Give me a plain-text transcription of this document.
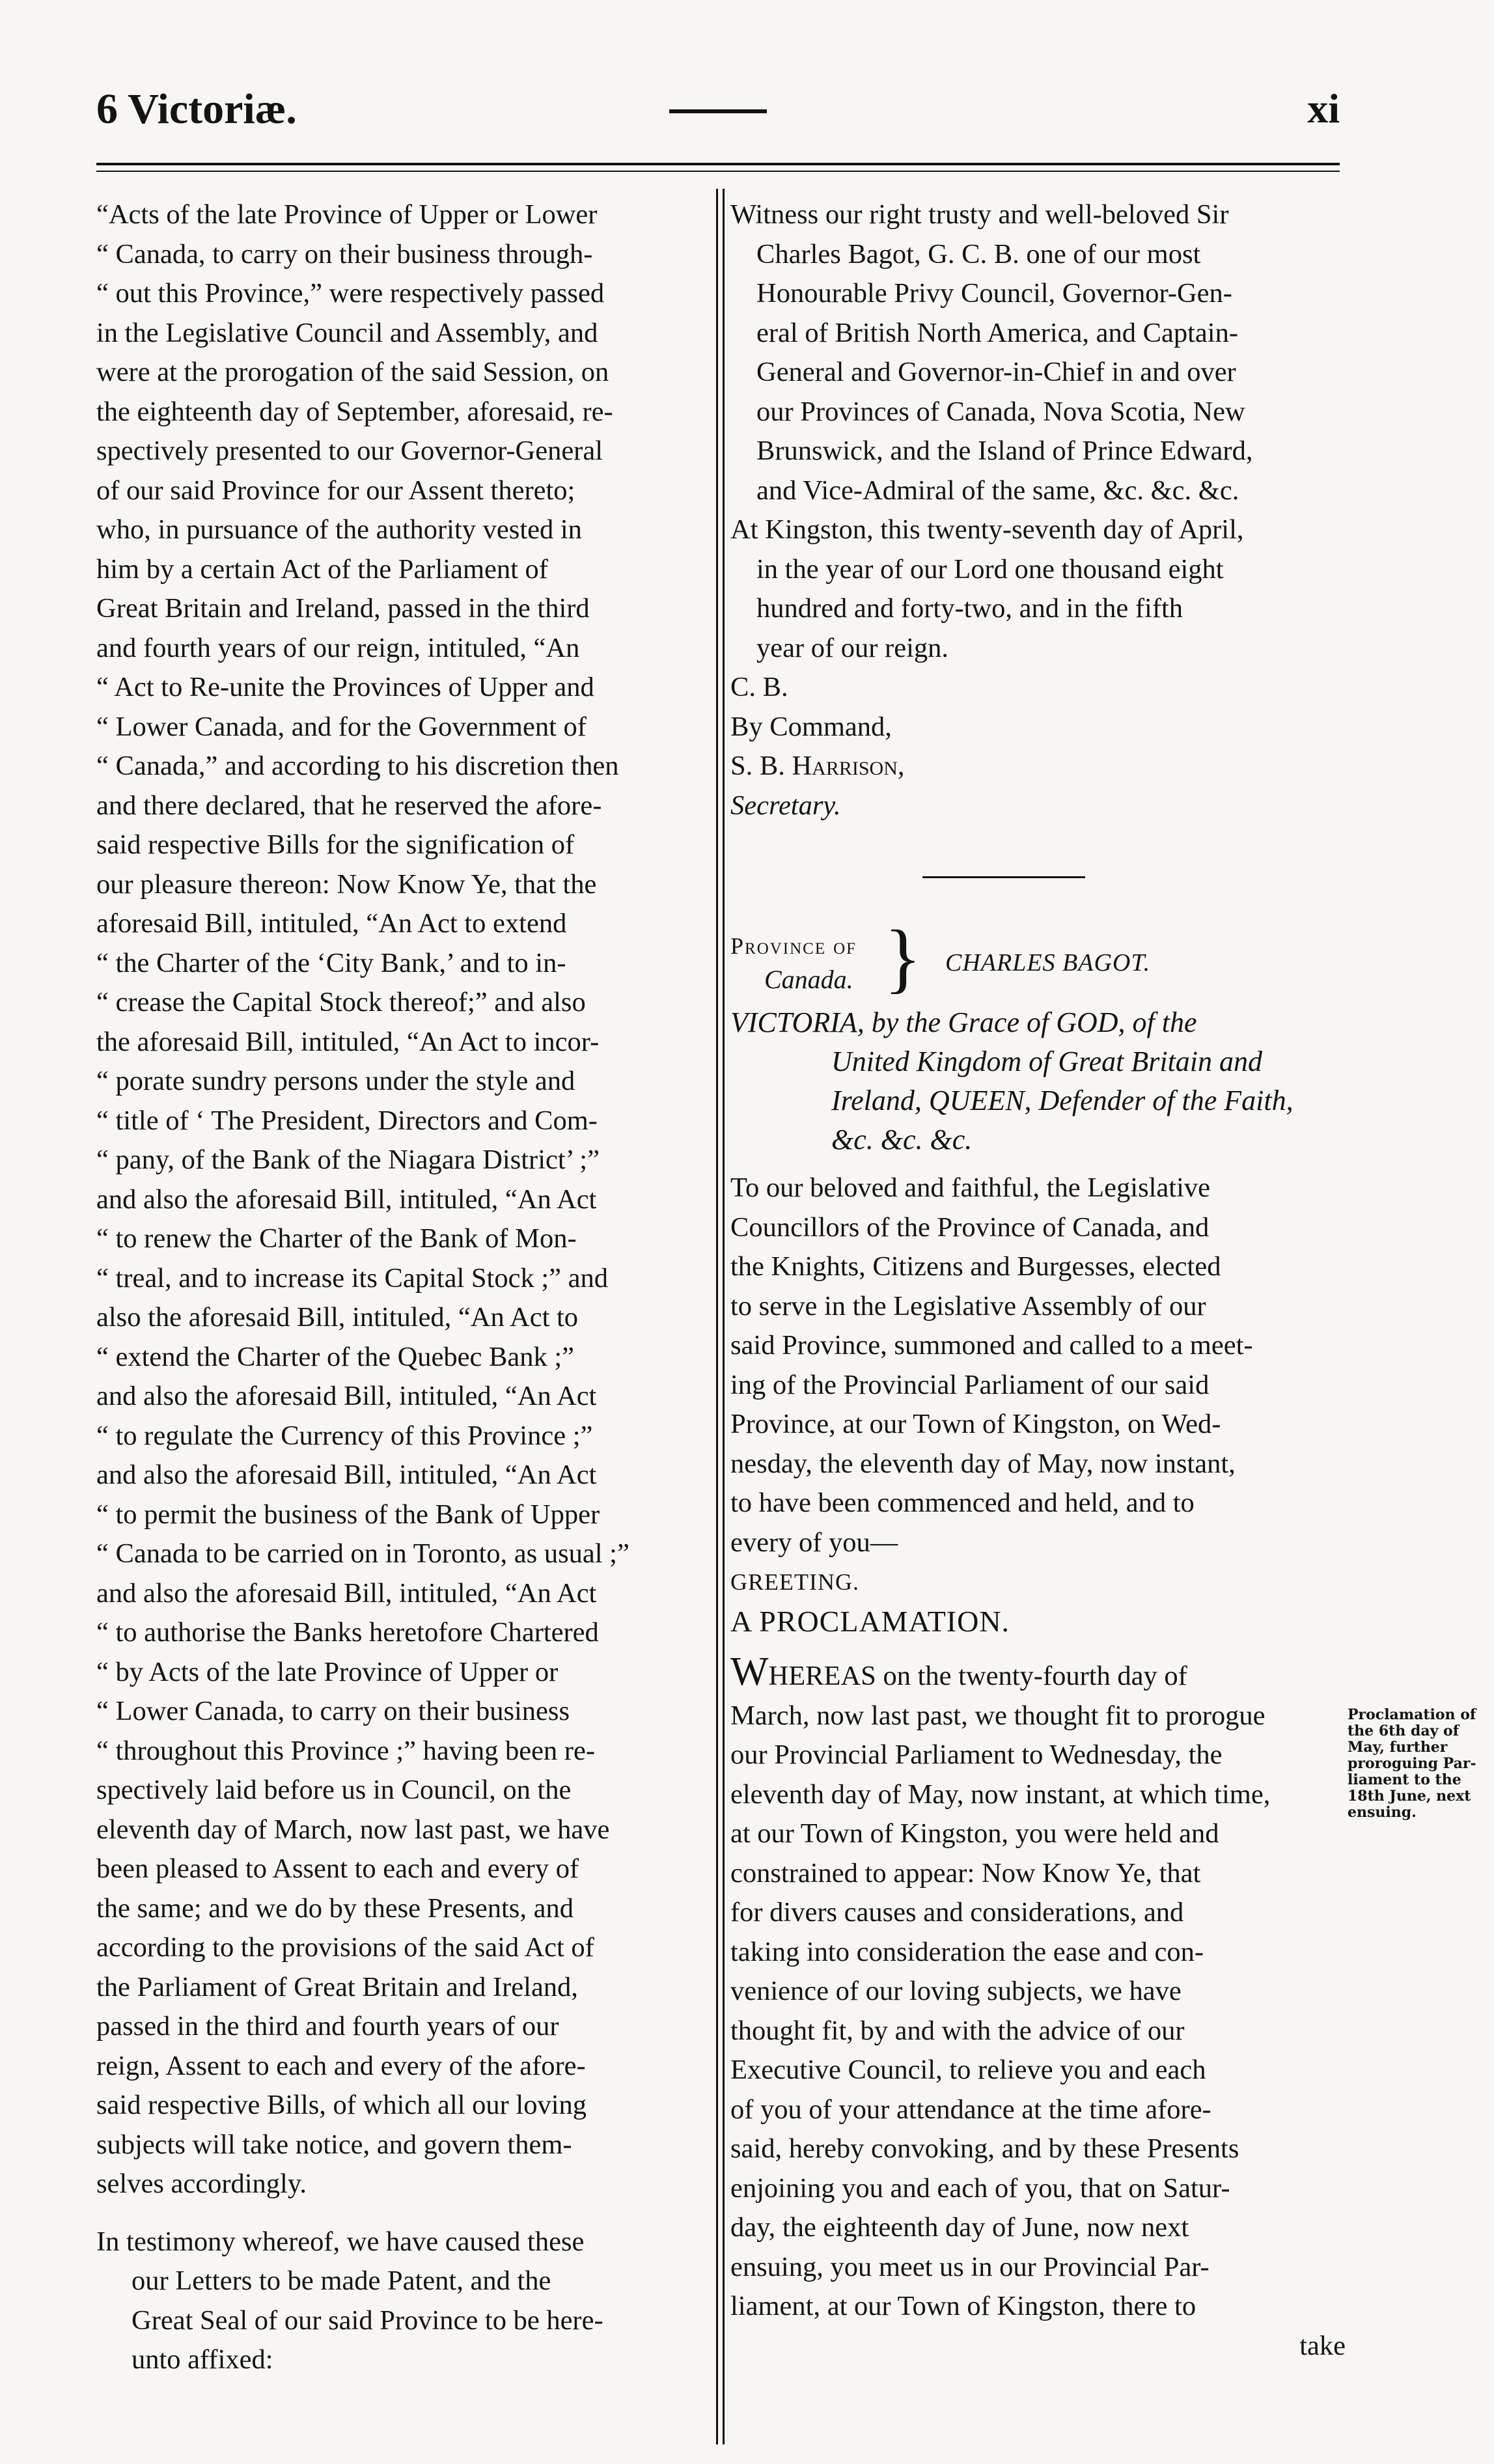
6 Victoriæ.	xi
“Acts of the late Province of Upper or Lower
“ Canada, to carry on their business through-
“ out this Province,” were respectively passed
in the Legislative Council and Assembly, and
were at the prorogation of the said Session, on
the eighteenth day of September, aforesaid, re-
spectively presented to our Governor-General
of our said Province for our Assent thereto;
who, in pursuance of the authority vested in
him by a certain Act of the Parliament of
Great Britain and Ireland, passed in the third
and fourth years of our reign, intituled, “An
“ Act to Re-unite the Provinces of Upper and
“ Lower Canada, and for the Government of
“ Canada,” and according to his discretion then
and there declared, that he reserved the afore-
said respective Bills for the signification of
our pleasure thereon: Now Know Ye, that the
aforesaid Bill, intituled, “An Act to extend
“ the Charter of the ‘City Bank,’ and to in-
“ crease the Capital Stock thereof;” and also
the aforesaid Bill, intituled, “An Act to incor-
“ porate sundry persons under the style and
“ title of ‘ The President, Directors and Com-
“ pany, of the Bank of the Niagara District’ ;”
and also the aforesaid Bill, intituled, “An Act
“ to renew the Charter of the Bank of Mon-
“ treal, and to increase its Capital Stock ;” and
also the aforesaid Bill, intituled, “An Act to
“ extend the Charter of the Quebec Bank ;”
and also the aforesaid Bill, intituled, “An Act
“ to regulate the Currency of this Province ;”
and also the aforesaid Bill, intituled, “An Act
“ to permit the business of the Bank of Upper
“ Canada to be carried on in Toronto, as usual ;”
and also the aforesaid Bill, intituled, “An Act
“ to authorise the Banks heretofore Chartered
“ by Acts of the late Province of Upper or
“ Lower Canada, to carry on their business
“ throughout this Province ;” having been re-
spectively laid before us in Council, on the
eleventh day of March, now last past, we have
been pleased to Assent to each and every of
the same; and we do by these Presents, and
according to the provisions of the said Act of
the Parliament of Great Britain and Ireland,
passed in the third and fourth years of our
reign, Assent to each and every of the afore-
said respective Bills, of which all our loving
subjects will take notice, and govern them-
selves accordingly.
In testimony whereof, we have caused these
our Letters to be made Patent, and the
Great Seal of our said Province to be here-
unto affixed:
Witness our right trusty and well-beloved Sir
Charles Bagot, G. C. B. one of our most
Honourable Privy Council, Governor-Gen-
eral of British North America, and Captain-
General and Governor-in-Chief in and over
our Provinces of Canada, Nova Scotia, New
Brunswick, and the Island of Prince Edward,
and Vice-Admiral of the same, &c. &c. &c.
At Kingston, this twenty-seventh day of April,
in the year of our Lord one thousand eight
hundred and forty-two, and in the fifth
year of our reign.

C. B.

By Command,

S. B. Harrison,

Secretary.

Province of
Canada. } CHARLES BAGOT.
VICTORIA, by the Grace of GOD, of the
United Kingdom of Great Britain and
Ireland, QUEEN, Defender of the Faith,
&c. &c. &c.
To our beloved and faithful, the Legislative
Councillors of the Province of Canada, and
the Knights, Citizens and Burgesses, elected
to serve in the Legislative Assembly of our
said Province, summoned and called to a meet-
ing of the Provincial Parliament of our said
Province, at our Town of Kingston, on Wed-
nesday, the eleventh day of May, now instant,
to have been commenced and held, and to
every of you—

GREETING.

A PROCLAMATION.

WHEREAS on the twenty-fourth day of
March, now last past, we thought fit to prorogue
our Provincial Parliament to Wednesday, the
eleventh day of May, now instant, at which time,
at our Town of Kingston, you were held and
constrained to appear: Now Know Ye, that
for divers causes and considerations, and
taking into consideration the ease and con-
venience of our loving subjects, we have
thought fit, by and with the advice of our
Executive Council, to relieve you and each
of you of your attendance at the time afore-
said, hereby convoking, and by these Presents
enjoining you and each of you, that on Satur-
day, the eighteenth day of June, now next
ensuing, you meet us in our Provincial Par-
liament, at our Town of Kingston, there to
take
Proclamation of
the 6th day of
May, further
proroguing Par-
liament to the
18th June, next
ensuing.
